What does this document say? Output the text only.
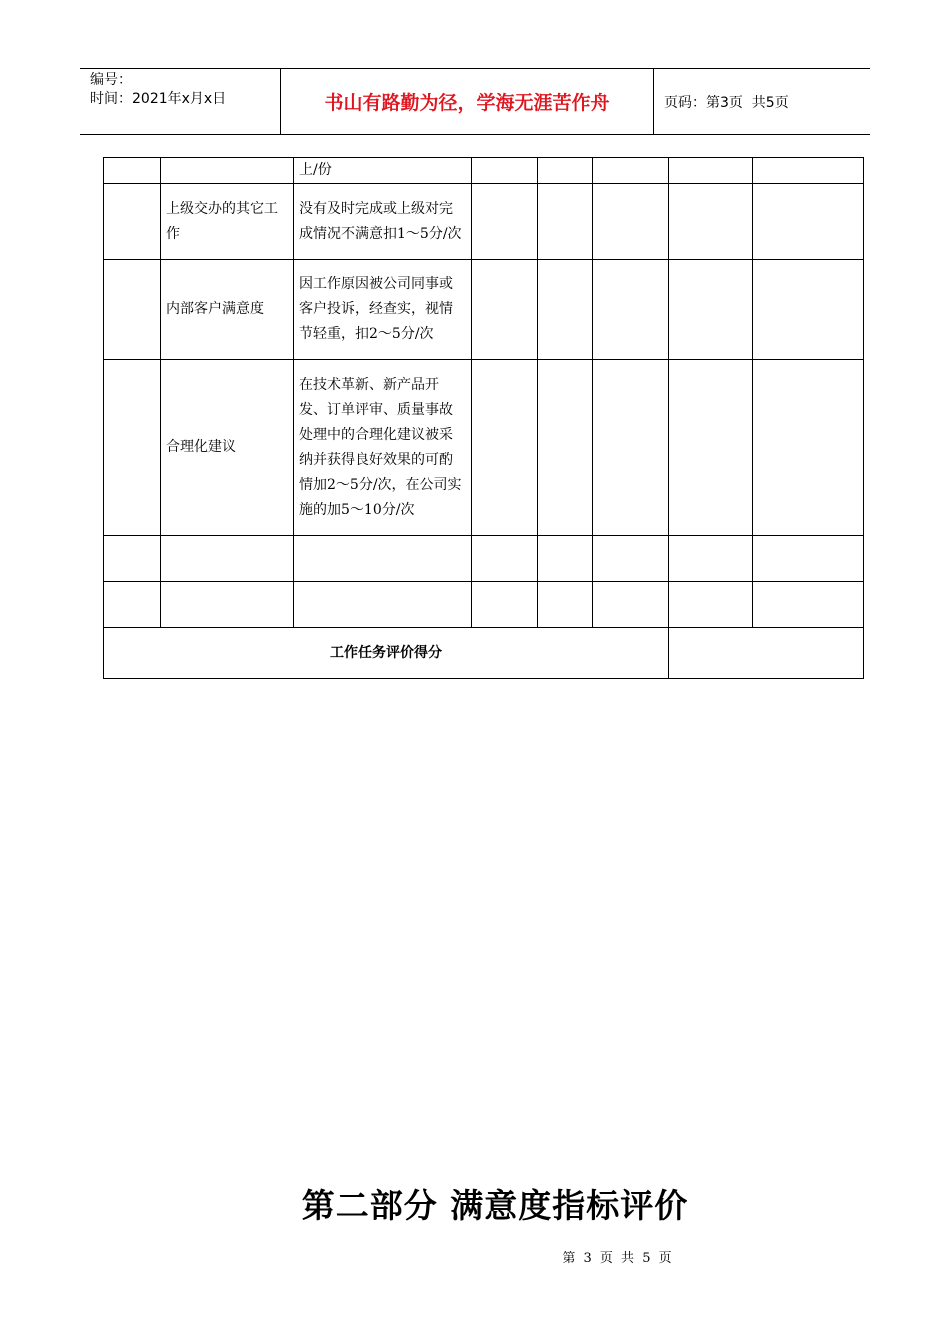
编号：
时间：2021年x月x日	书山有路勤为径，学海无涯苦作舟	页码：第3页  共5页
		上/份					
	上级交办的其它工作	没有及时完成或上级对完成情况不满意扣1～5分/次					
	内部客户满意度	因工作原因被公司同事或客户投诉，经查实，视情节轻重，扣2～5分/次					
	合理化建议	在技术革新、新产品开发、订单评审、质量事故处理中的合理化建议被采纳并获得良好效果的可酌情加2～5分/次，在公司实施的加5～10分/次					

工作任务评价得分							
第二部分 满意度指标评价
第 3 页 共 5 页
